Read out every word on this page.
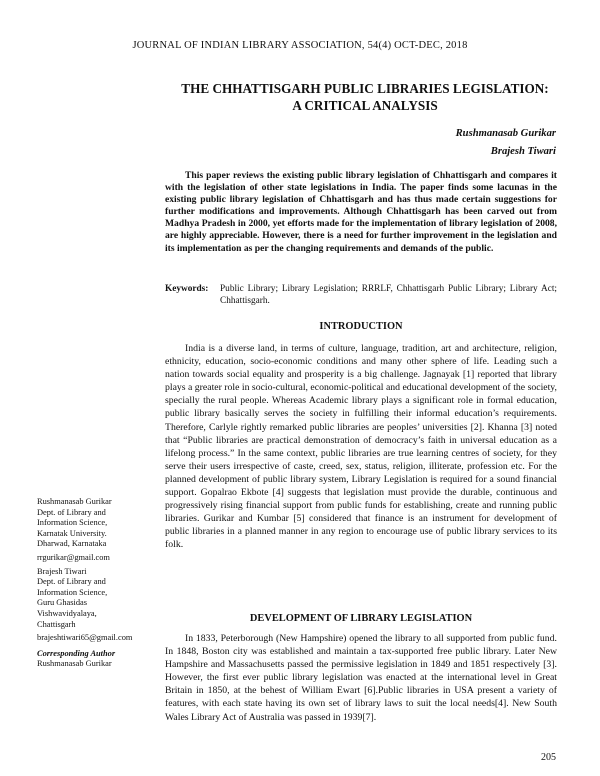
JOURNAL OF INDIAN LIBRARY ASSOCIATION, 54(4) OCT-DEC, 2018
THE CHHATTISGARH PUBLIC LIBRARIES LEGISLATION:
A CRITICAL ANALYSIS
Rushmanasab Gurikar
Brajesh Tiwari

This paper reviews the existing public library legislation of Chhattisgarh and compares it with the legislation of other state legislations in India. The paper finds some lacunas in the existing public library legislation of Chhattisgarh and has thus made certain suggestions for further modifications and improvements. Although Chhattisgarh has been carved out from Madhya Pradesh in 2000, yet efforts made for the implementation of library legislation of 2008, are highly appreciable. However, there is a need for further improvement in the legislation and its implementation as per the changing requirements and demands of the public.

Keywords:	Public Library; Library Legislation; RRRLF, Chhattisgarh Public Library; Library Act; Chhattisgarh.
INTRODUCTION

India is a diverse land, in terms of culture, language, tradition, art and architecture, religion, ethnicity, education, socio-economic conditions and many other sphere of life. Leading such a nation towards social equality and prosperity is a big challenge. Jagnayak [1] reported that library plays a greater role in socio-cultural, economic-political and educational development of the society, specially the rural people. Whereas Academic library plays a significant role in formal education, public library basically serves the society in fulfilling their informal education’s requirements. Therefore, Carlyle rightly remarked public libraries are peoples’ universities [2]. Khanna [3] noted that “Public libraries are practical demonstration of democracy’s faith in universal education as a lifelong process.” In the same context, public libraries are true learning centres of society, for they serve their users irrespective of caste, creed, sex, status, religion, illiterate, profession etc. For the planned development of public library system, Library Legislation is required for a sound financial support. Gopalrao Ekbote [4] suggests that legislation must provide the durable, continuous and progressively rising financial support from public funds for establishing, create and running public libraries. Gurikar and Kumbar [5] considered that finance is an instrument for development of public libraries in a planned manner in any region to encourage use of public library services to its folk.

DEVELOPMENT OF LIBRARY LEGISLATION

In 1833, Peterborough (New Hampshire) opened the library to all supported from public fund. In 1848, Boston city was established and maintain a tax-supported free public library. Later New Hampshire and Massachusetts passed the permissive legislation in 1849 and 1851 respectively [3]. However, the first ever public library legislation was enacted at the international level in Great Britain in 1850, at the behest of William Ewart [6].Public libraries in USA present a variety of features, with each state having its own set of library laws to suit the local needs[4]. New South Wales Library Act of Australia was passed in 1939[7].

Rushmanasab Gurikar
Dept. of Library and
Information Science,
Karnatak University.
Dharwad, Karnataka
rrgurikar@gmail.com
Brajesh Tiwari
Dept. of Library and
Information Science,
Guru Ghasidas
Vishwavidyalaya,
Chattisgarh
brajeshtiwari65@gmail.com
Corresponding Author
Rushmanasab Gurikar
205
